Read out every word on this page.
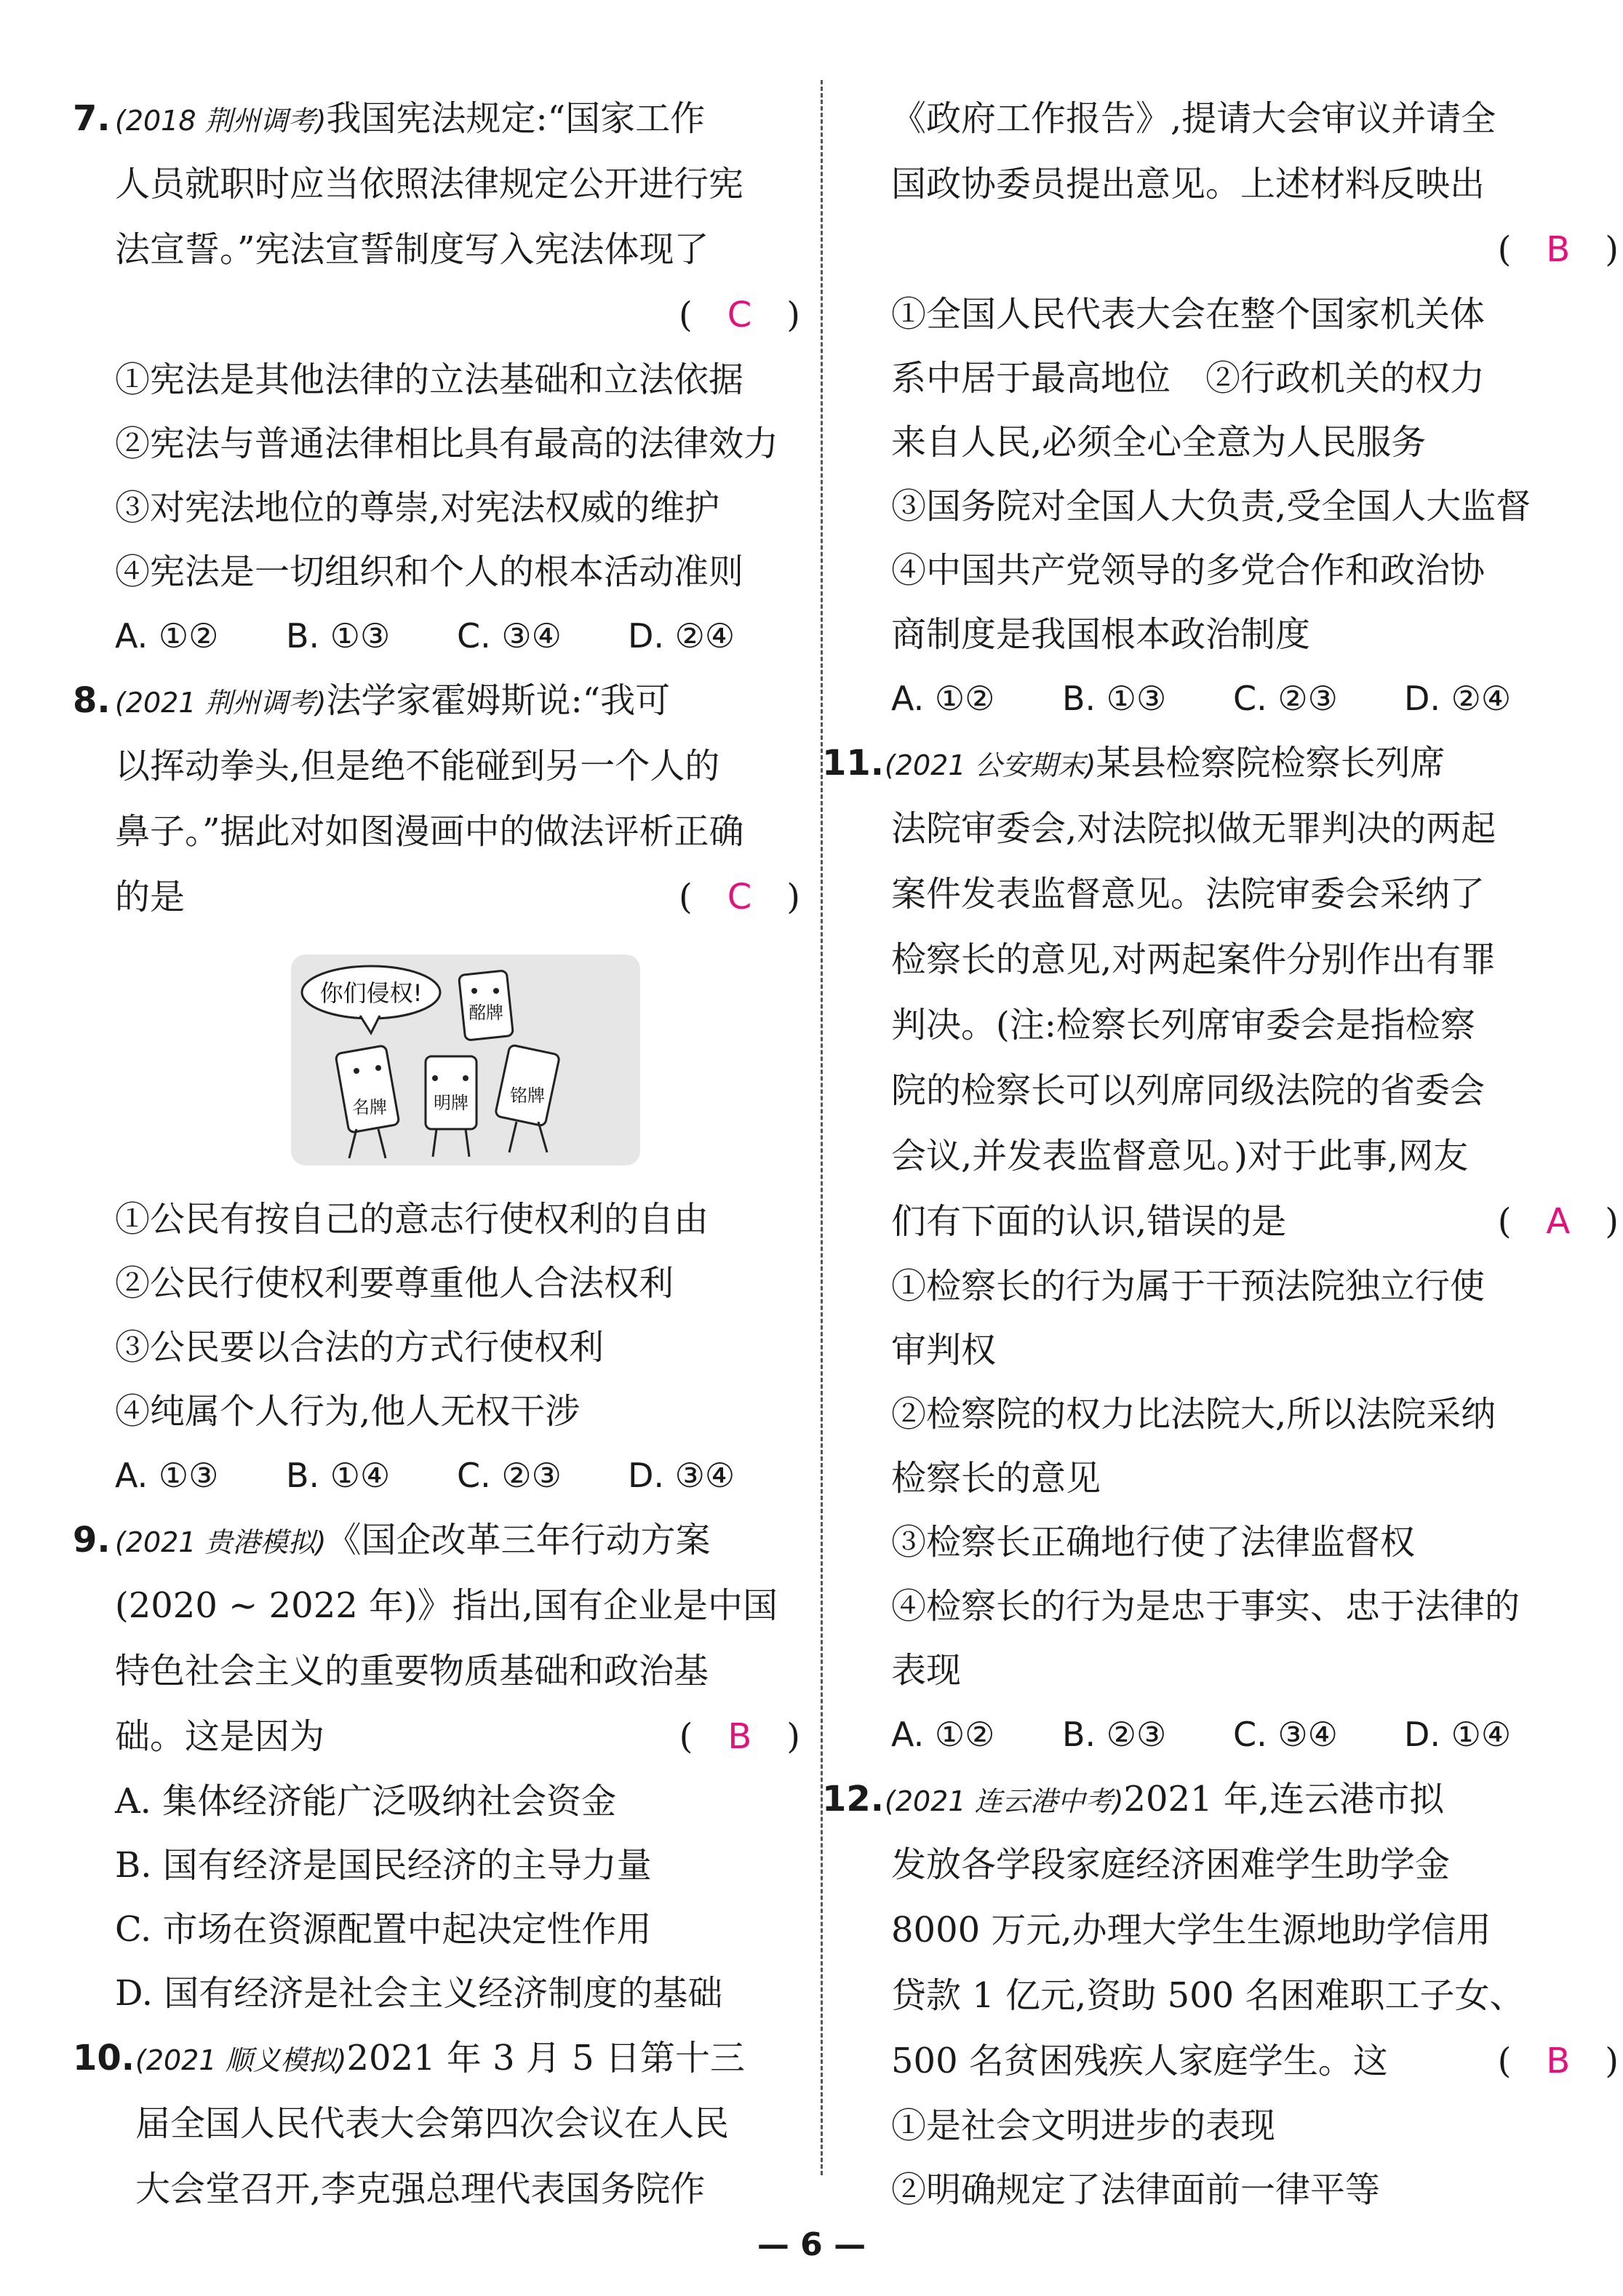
7. (2018 荆州调考)我国宪法规定:“国家工作
人员就职时应当依照法律规定公开进行宪
法宣誓。”宪法宣誓制度写入宪法体现了
(　C　)
①宪法是其他法律的立法基础和立法依据
②宪法与普通法律相比具有最高的法律效力
③对宪法地位的尊崇,对宪法权威的维护
④宪法是一切组织和个人的根本活动准则
A. ①② B. ①③ C. ③④ D. ②④
8. (2021 荆州调考)法学家霍姆斯说:“我可
以挥动拳头,但是绝不能碰到另一个人的
鼻子。”据此对如图漫画中的做法评析正确
的是	(　C　)
你们侵权!
名牌	明牌 铭牌
酩牌
①公民有按自己的意志行使权利的自由
②公民行使权利要尊重他人合法权利
③公民要以合法的方式行使权利
④纯属个人行为,他人无权干涉
A. ①③ B. ①④ C. ②③ D. ③④
9. (2021 贵港模拟)《国企改革三年行动方案
(2020 ~ 2022 年)》指出,国有企业是中国
特色社会主义的重要物质基础和政治基
础。这是因为	(　B　)
A. 集体经济能广泛吸纳社会资金
B. 国有经济是国民经济的主导力量
C. 市场在资源配置中起决定性作用
D. 国有经济是社会主义经济制度的基础
10. (2021 顺义模拟)2021 年 3 月 5 日第十三
届全国人民代表大会第四次会议在人民
大会堂召开,李克强总理代表国务院作
《政府工作报告》,提请大会审议并请全
国政协委员提出意见。上述材料反映出
(　B　)
①全国人民代表大会在整个国家机关体
系中居于最高地位　②行政机关的权力
来自人民,必须全心全意为人民服务
③国务院对全国人大负责,受全国人大监督
④中国共产党领导的多党合作和政治协
商制度是我国根本政治制度
A. ①② B. ①③ C. ②③ D. ②④
11. (2021 公安期末)某县检察院检察长列席
法院审委会,对法院拟做无罪判决的两起
案件发表监督意见。法院审委会采纳了
检察长的意见,对两起案件分别作出有罪
判决。(注:检察长列席审委会是指检察
院的检察长可以列席同级法院的省委会
会议,并发表监督意见。)对于此事,网友
们有下面的认识,错误的是	(　A　)
①检察长的行为属于干预法院独立行使
审判权
②检察院的权力比法院大,所以法院采纳
检察长的意见
③检察长正确地行使了法律监督权
④检察长的行为是忠于事实、忠于法律的
表现
A. ①② B. ②③ C. ③④ D. ①④
12. (2021 连云港中考)2021 年,连云港市拟
发放各学段家庭经济困难学生助学金
8000 万元,办理大学生生源地助学信用
贷款 1 亿元,资助 500 名困难职工子女、
500 名贫困残疾人家庭学生。这	(　B　)
①是社会文明进步的表现
②明确规定了法律面前一律平等
— 6 —
